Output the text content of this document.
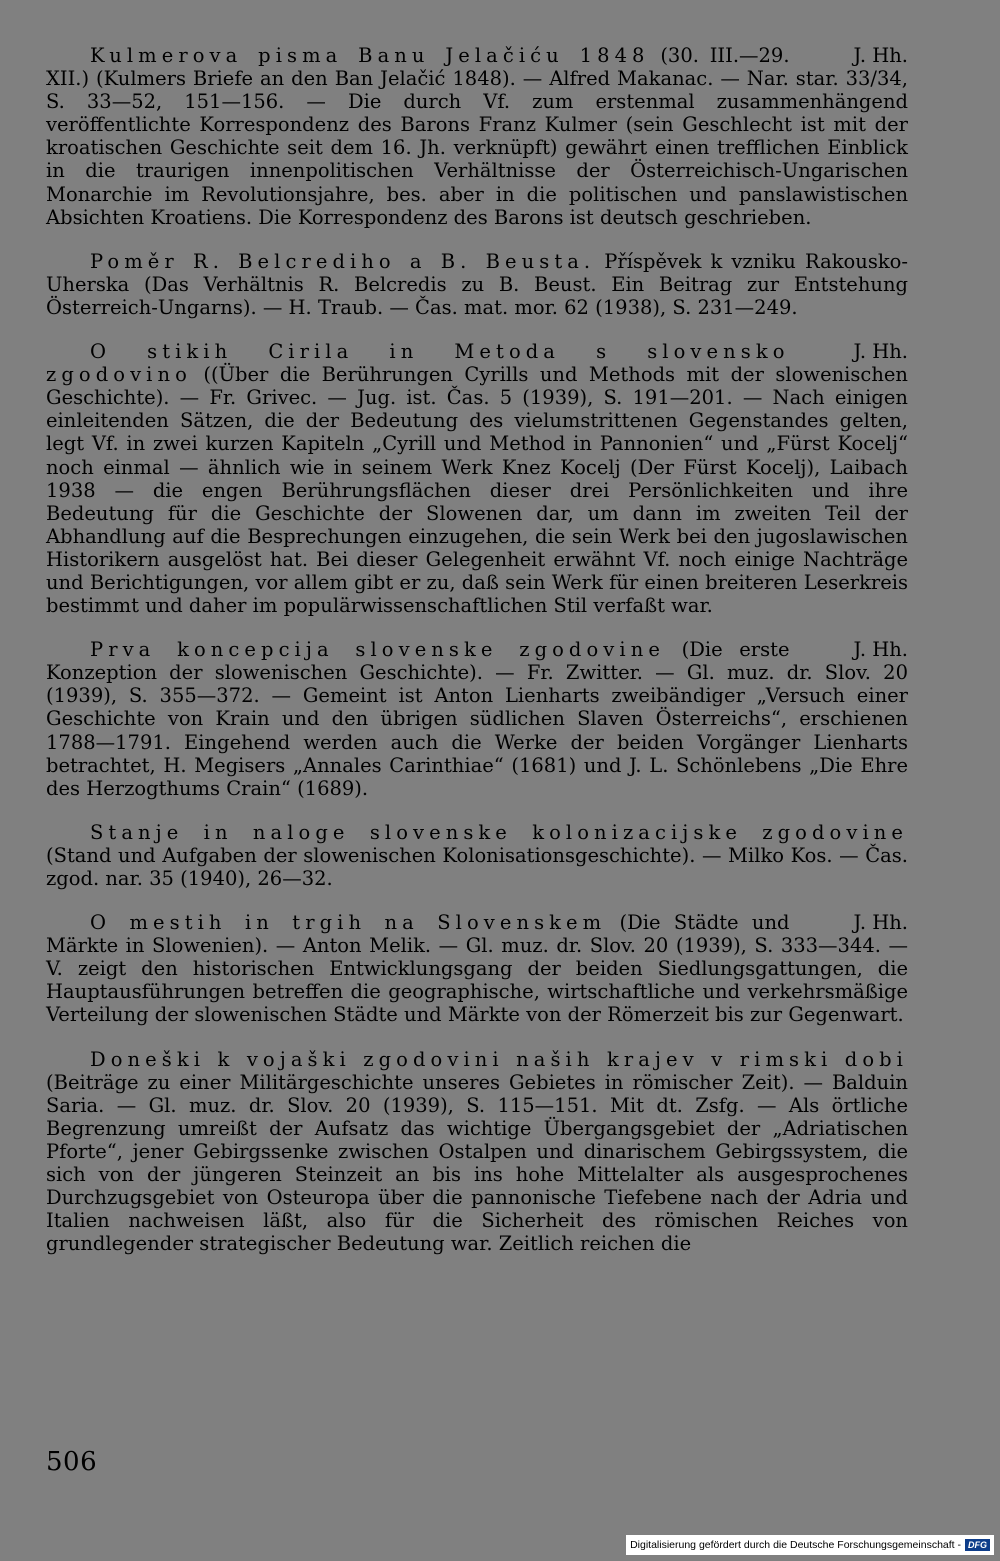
J. Hh.
Kulmerova pisma Banu Jelačiću 1848 (30. III.—29. XII.) (Kulmers Briefe an den Ban Jelačić 1848). — Alfred Makanac. — Nar. star. 33/34, S. 33—52, 151—156. — Die durch Vf. zum erstenmal zusammenhängend veröffentlichte Korrespondenz des Barons Franz Kulmer (sein Geschlecht ist mit der kroatischen Geschichte seit dem 16. Jh. verknüpft) gewährt einen trefflichen Einblick in die traurigen innenpolitischen Verhältnisse der Österreichisch-Ungarischen Monarchie im Revolutionsjahre, bes. aber in die politischen und panslawistischen Absichten Kroatiens. Die Korrespondenz des Barons ist deutsch geschrieben.

Poměr R. Belcrediho a B. Beusta. Příspěvek k vzniku Rakousko-Uherska (Das Verhältnis R. Belcredis zu B. Beust. Ein Beitrag zur Entstehung Österreich-Ungarns). — H. Traub. — Čas. mat. mor. 62 (1938), S. 231—249.

J. Hh.
O stikih Cirila in Metoda s slovensko zgodovino ((Über die Berührungen Cyrills und Methods mit der slowenischen Geschichte). — Fr. Grivec. — Jug. ist. Čas. 5 (1939), S. 191—201. — Nach einigen einleitenden Sätzen, die der Bedeutung des vielumstrittenen Gegenstandes gelten, legt Vf. in zwei kurzen Kapiteln „Cyrill und Method in Pannonien“ und „Fürst Kocelj“ noch einmal — ähnlich wie in seinem Werk Knez Kocelj (Der Fürst Kocelj), Laibach 1938 — die engen Berührungsflächen dieser drei Persönlichkeiten und ihre Bedeutung für die Geschichte der Slowenen dar, um dann im zweiten Teil der Abhandlung auf die Besprechungen einzugehen, die sein Werk bei den jugoslawischen Historikern ausgelöst hat. Bei dieser Gelegenheit erwähnt Vf. noch einige Nachträge und Berichtigungen, vor allem gibt er zu, daß sein Werk für einen breiteren Leserkreis bestimmt und daher im populärwissenschaftlichen Stil verfaßt war.

J. Hh.
Prva koncepcija slovenske zgodovine (Die erste Konzeption der slowenischen Geschichte). — Fr. Zwitter. — Gl. muz. dr. Slov. 20 (1939), S. 355—372. — Gemeint ist Anton Lienharts zweibändiger „Versuch einer Geschichte von Krain und den übrigen südlichen Slaven Österreichs“, erschienen 1788—1791. Eingehend werden auch die Werke der beiden Vorgänger Lienharts betrachtet, H. Megisers „Annales Carinthiae“ (1681) und J. L. Schönlebens „Die Ehre des Herzogthums Crain“ (1689).

Stanje in naloge slovenske kolonizacijske zgodovine (Stand und Aufgaben der slowenischen Kolonisationsgeschichte). — Milko Kos. — Čas. zgod. nar. 35 (1940), 26—32.

J. Hh.
O mestih in trgih na Slovenskem (Die Städte und Märkte in Slowenien). — Anton Melik. — Gl. muz. dr. Slov. 20 (1939), S. 333—344. — V. zeigt den historischen Entwicklungsgang der beiden Siedlungsgattungen, die Hauptausführungen betreffen die geographische, wirtschaftliche und verkehrsmäßige Verteilung der slowenischen Städte und Märkte von der Römerzeit bis zur Gegenwart.

Doneški k vojaški zgodovini naših krajev v rimski dobi (Beiträge zu einer Militärgeschichte unseres Gebietes in römischer Zeit). — Balduin Saria. — Gl. muz. dr. Slov. 20 (1939), S. 115—151. Mit dt. Zsfg. — Als örtliche Begrenzung umreißt der Aufsatz das wichtige Übergangsgebiet der „Adriatischen Pforte“, jener Gebirgssenke zwischen Ostalpen und dinarischem Gebirgssystem, die sich von der jüngeren Steinzeit an bis ins hohe Mittelalter als ausgesprochenes Durchzugsgebiet von Osteuropa über die pannonische Tiefebene nach der Adria und Italien nachweisen läßt, also für die Sicherheit des römischen Reiches von grundlegender strategischer Bedeutung war. Zeitlich reichen die

506
Digitalisierung gefördert durch die Deutsche Forschungsgemeinschaft - DFG
